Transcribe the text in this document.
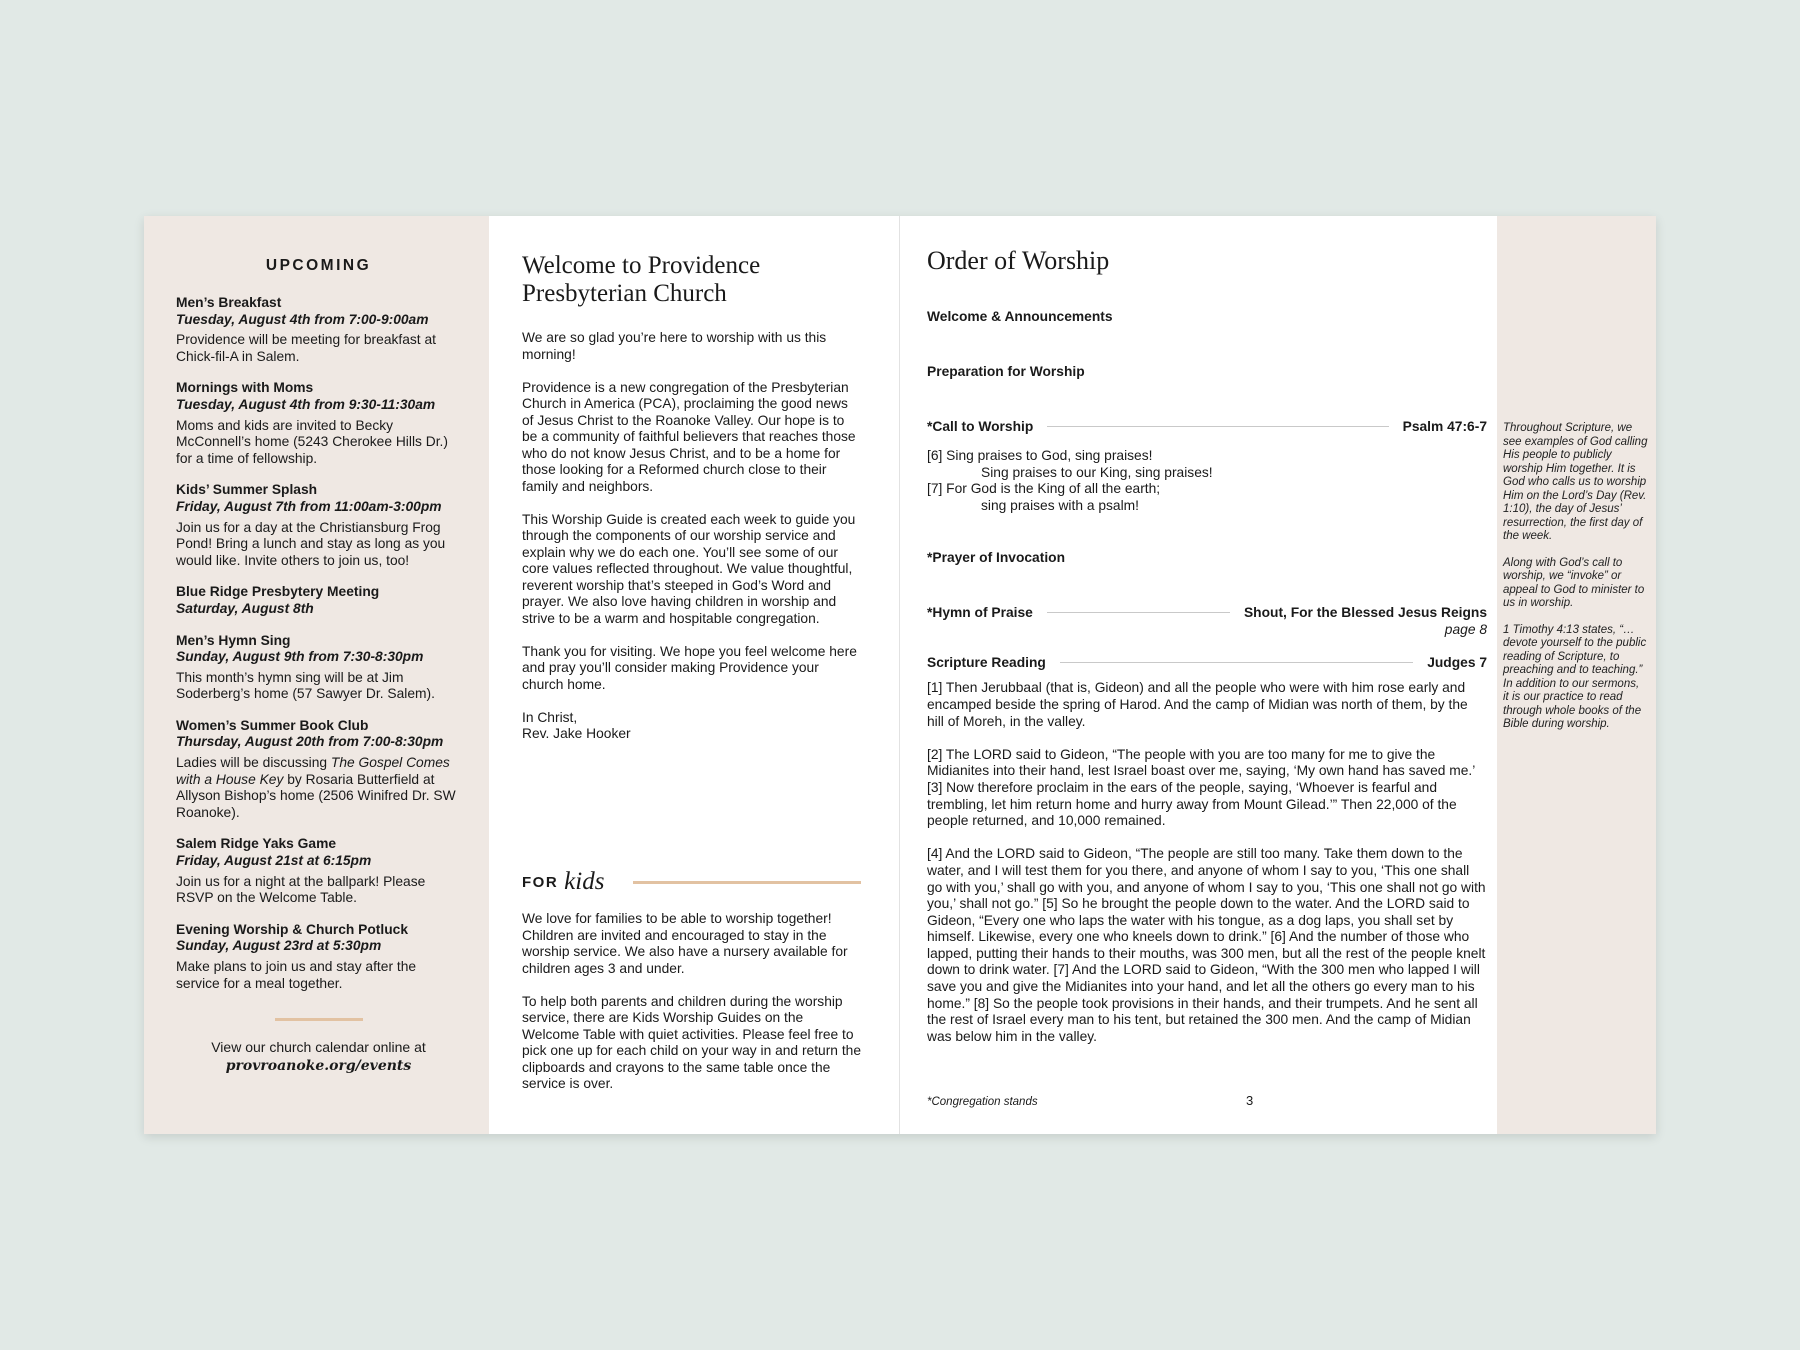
UPCOMING
Men’s Breakfast
Tuesday, August 4th from 7:00-9:00am
Providence will be meeting for breakfast at Chick-fil-A in Salem.
Mornings with Moms
Tuesday, August 4th from 9:30-11:30am
Moms and kids are invited to Becky McConnell’s home (5243 Cherokee Hills Dr.) for a time of fellowship.
Kids’ Summer Splash
Friday, August 7th from 11:00am-3:00pm
Join us for a day at the Christiansburg Frog Pond! Bring a lunch and stay as long as you would like. Invite others to join us, too!
Blue Ridge Presbytery Meeting
Saturday, August 8th
Men’s Hymn Sing
Sunday, August 9th from 7:30-8:30pm
This month’s hymn sing will be at Jim Soderberg’s home (57 Sawyer Dr. Salem).
Women’s Summer Book Club
Thursday, August 20th from 7:00-8:30pm
Ladies will be discussing The Gospel Comes with a House Key by Rosaria Butterfield at Allyson Bishop’s home (2506 Winifred Dr. SW Roanoke).
Salem Ridge Yaks Game
Friday, August 21st at 6:15pm
Join us for a night at the ballpark! Please RSVP on the Welcome Table.
Evening Worship & Church Potluck
Sunday, August 23rd at 5:30pm
Make plans to join us and stay after the service for a meal together.
View our church calendar online at
provroanoke.org/events
Welcome to Providence Presbyterian Church

We are so glad you’re here to worship with us this morning!

Providence is a new congregation of the Presbyterian Church in America (PCA), proclaiming the good news of Jesus Christ to the Roanoke Valley. Our hope is to be a community of faithful believers that reaches those who do not know Jesus Christ, and to be a home for those looking for a Reformed church close to their family and neighbors.

This Worship Guide is created each week to guide you through the components of our worship service and explain why we do each one. You’ll see some of our core values reflected throughout. We value thoughtful, reverent worship that’s steeped in God’s Word and prayer. We also love having children in worship and strive to be a warm and hospitable congregation.

Thank you for visiting. We hope you feel welcome here and pray you’ll consider making Providence your church home.

In Christ,
Rev. Jake Hooker
FOR kids

We love for families to be able to worship together! Children are invited and encouraged to stay in the worship service. We also have a nursery available for children ages 3 and under.

To help both parents and children during the worship service, there are Kids Worship Guides on the Welcome Table with quiet activities. Please feel free to pick one up for each child on your way in and return the clipboards and crayons to the same table once the service is over.

Order of Worship
Welcome & Announcements
Preparation for Worship
*Call to Worship	Psalm 47:6-7
[6] Sing praises to God, sing praises!
Sing praises to our King, sing praises!
[7] For God is the King of all the earth;
sing praises with a psalm!
*Prayer of Invocation
*Hymn of Praise	Shout, For the Blessed Jesus Reigns
page 8
Scripture Reading	Judges 7

[1] Then Jerubbaal (that is, Gideon) and all the people who were with him rose early and encamped beside the spring of Harod. And the camp of Midian was north of them, by the hill of Moreh, in the valley.

[2] The LORD said to Gideon, “The people with you are too many for me to give the Midianites into their hand, lest Israel boast over me, saying, ‘My own hand has saved me.’ [3] Now therefore proclaim in the ears of the people, saying, ‘Whoever is fearful and trembling, let him return home and hurry away from Mount Gilead.’” Then 22,000 of the people returned, and 10,000 remained.

[4] And the LORD said to Gideon, “The people are still too many. Take them down to the water, and I will test them for you there, and anyone of whom I say to you, ‘This one shall go with you,’ shall go with you, and anyone of whom I say to you, ‘This one shall not go with you,’ shall not go.” [5] So he brought the people down to the water. And the LORD said to Gideon, “Every one who laps the water with his tongue, as a dog laps, you shall set by himself. Likewise, every one who kneels down to drink.” [6] And the number of those who lapped, putting their hands to their mouths, was 300 men, but all the rest of the people knelt down to drink water. [7] And the LORD said to Gideon, “With the 300 men who lapped I will save you and give the Midianites into your hand, and let all the others go every man to his home.” [8] So the people took provisions in their hands, and their trumpets. And he sent all the rest of Israel every man to his tent, but retained the 300 men. And the camp of Midian was below him in the valley.

*Congregation stands	3

Throughout Scripture, we see examples of God calling His people to publicly worship Him together. It is God who calls us to worship Him on the Lord’s Day (Rev. 1:10), the day of Jesus’ resurrection, the first day of the week.

Along with God’s call to worship, we “invoke” or appeal to God to minister to us in worship.

1 Timothy 4:13 states, “…devote yourself to the public reading of Scripture, to preaching and to teaching.” In addition to our sermons, it is our practice to read through whole books of the Bible during worship.
